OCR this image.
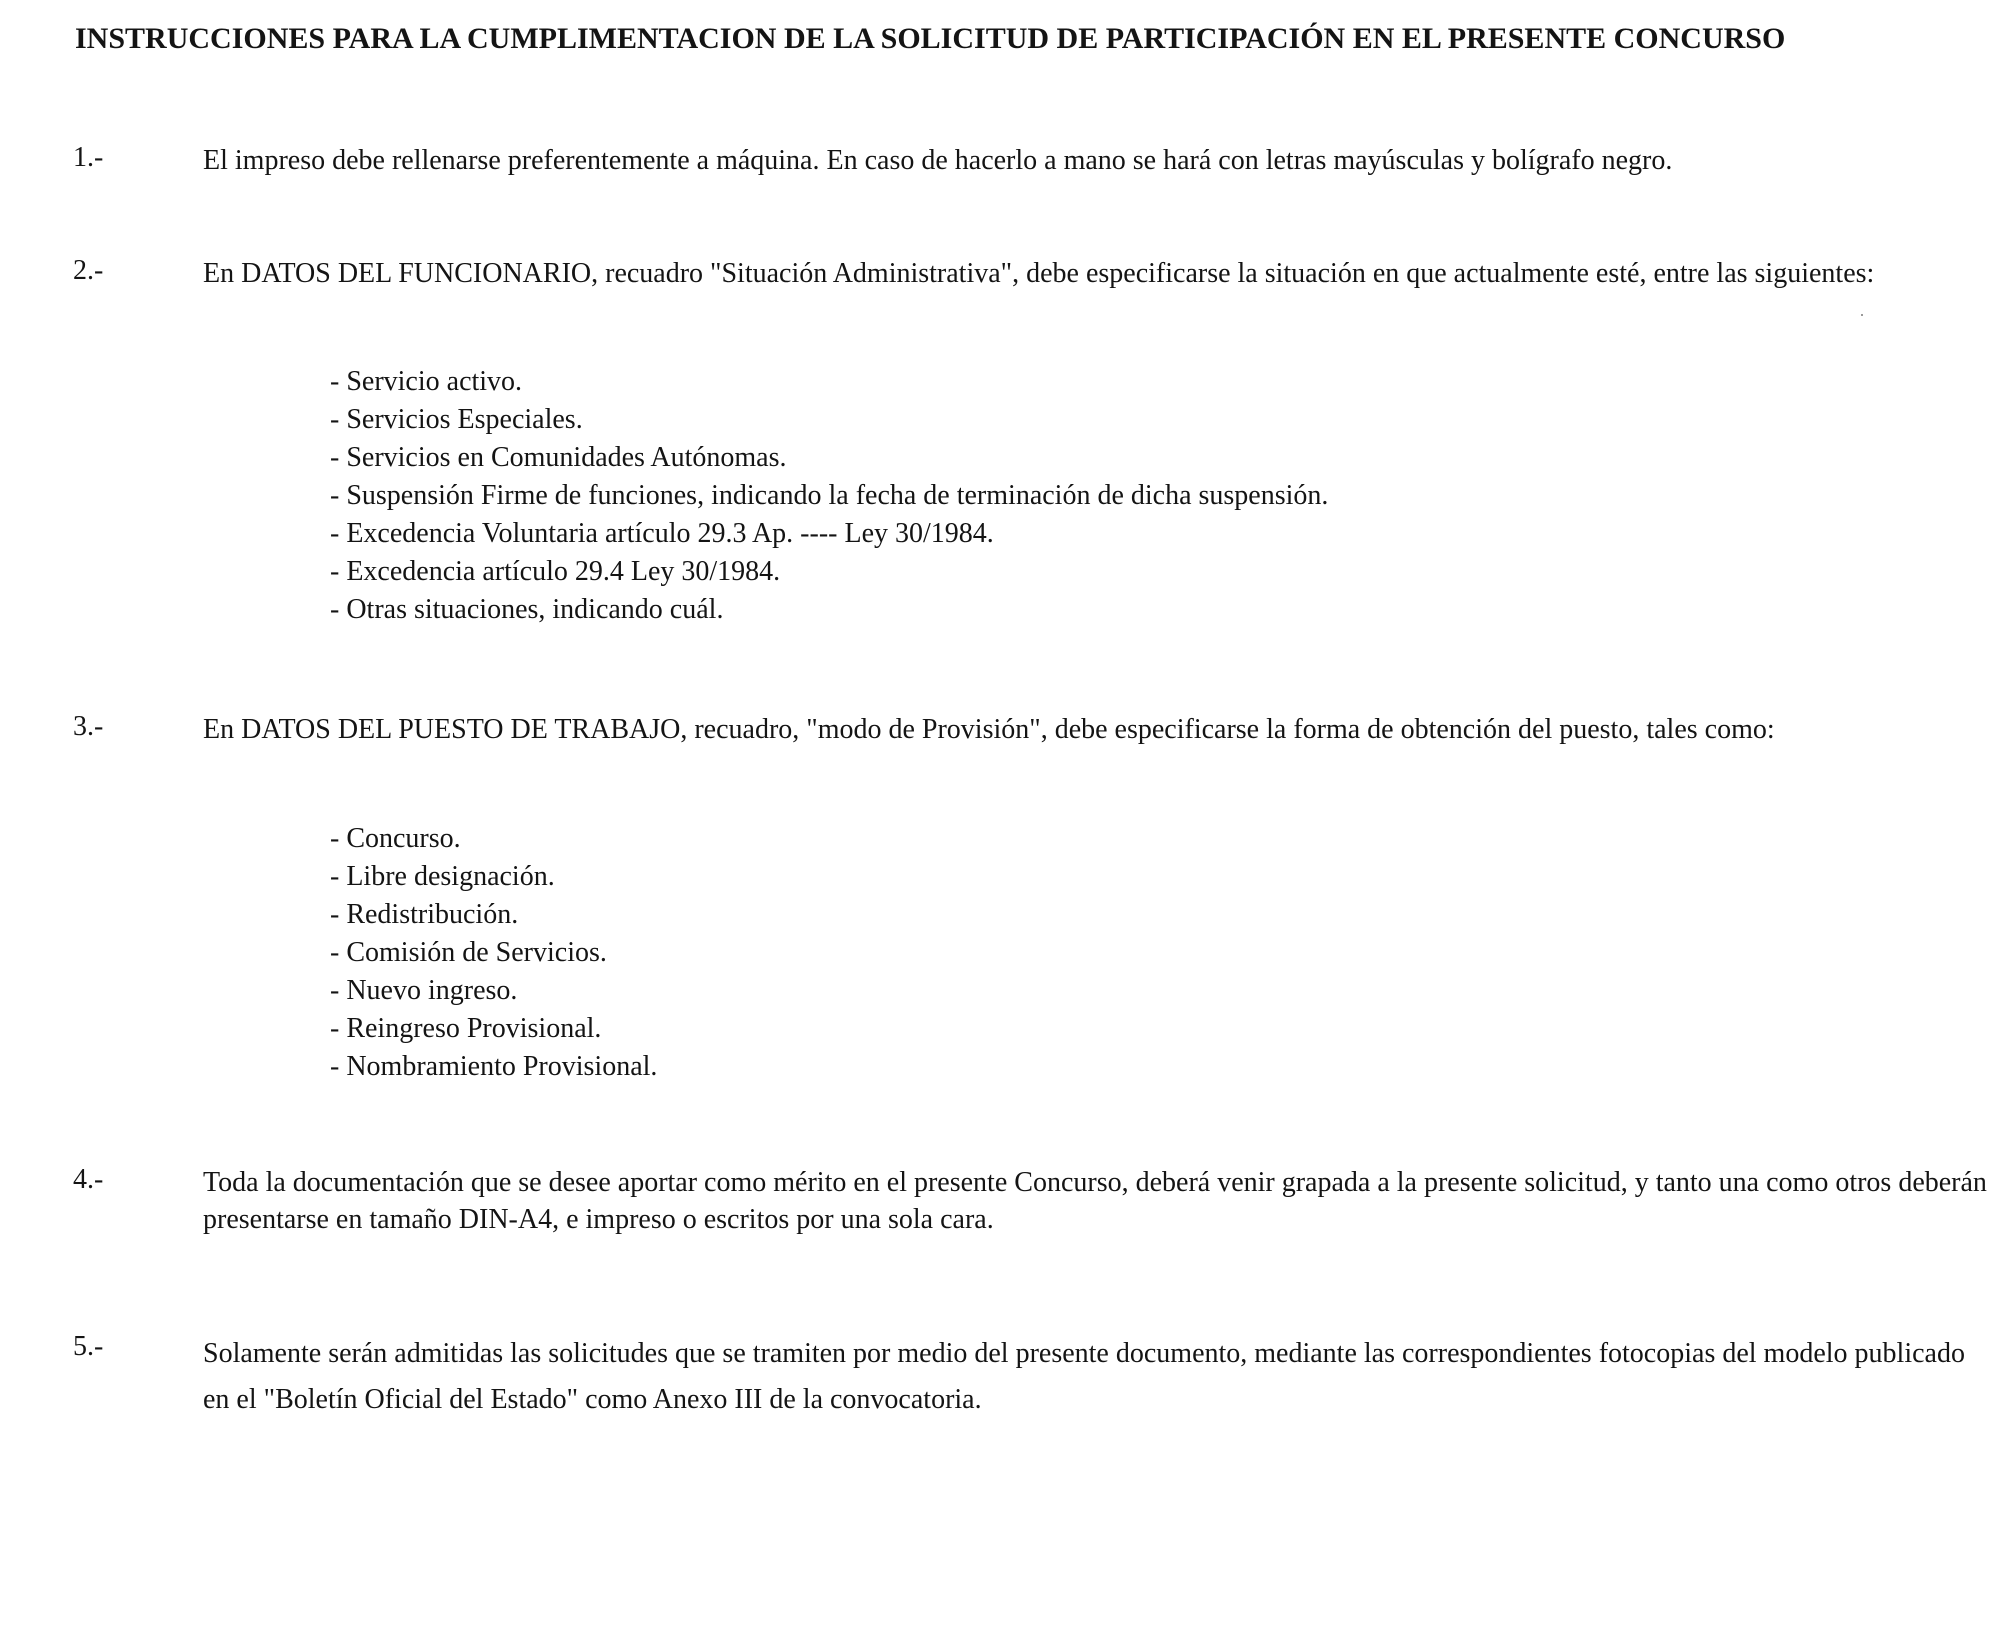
INSTRUCCIONES PARA LA CUMPLIMENTACION DE LA SOLICITUD DE PARTICIPACIÓN EN EL PRESENTE CONCURSO
1.-	El impreso debe rellenarse preferentemente a máquina. En caso de hacerlo a mano se hará con letras mayúsculas y bolígrafo negro.
2.-	En DATOS DEL FUNCIONARIO, recuadro "Situación Administrativa", debe especificarse la situación en que actualmente esté, entre las siguientes:
- Servicio activo.
- Servicios Especiales.
- Servicios en Comunidades Autónomas.
- Suspensión Firme de funciones, indicando la fecha de terminación de dicha suspensión.
- Excedencia Voluntaria artículo 29.3 Ap. ---- Ley 30/1984.
- Excedencia artículo 29.4 Ley 30/1984.
- Otras situaciones, indicando cuál.
3.-	En DATOS DEL PUESTO DE TRABAJO, recuadro, "modo de Provisión", debe especificarse la forma de obtención del puesto, tales como:
- Concurso.
- Libre designación.
- Redistribución.
- Comisión de Servicios.
- Nuevo ingreso.
- Reingreso Provisional.
- Nombramiento Provisional.
4.-	Toda la documentación que se desee aportar como mérito en el presente Concurso, deberá venir grapada a la presente solicitud, y tanto una como otros deberán presentarse en tamaño DIN-A4, e impreso o escritos por una sola cara.
5.-	Solamente serán admitidas las solicitudes que se tramiten por medio del presente documento, mediante las correspondientes fotocopias del modelo publicado en el "Boletín Oficial del Estado" como Anexo III de la convocatoria.
